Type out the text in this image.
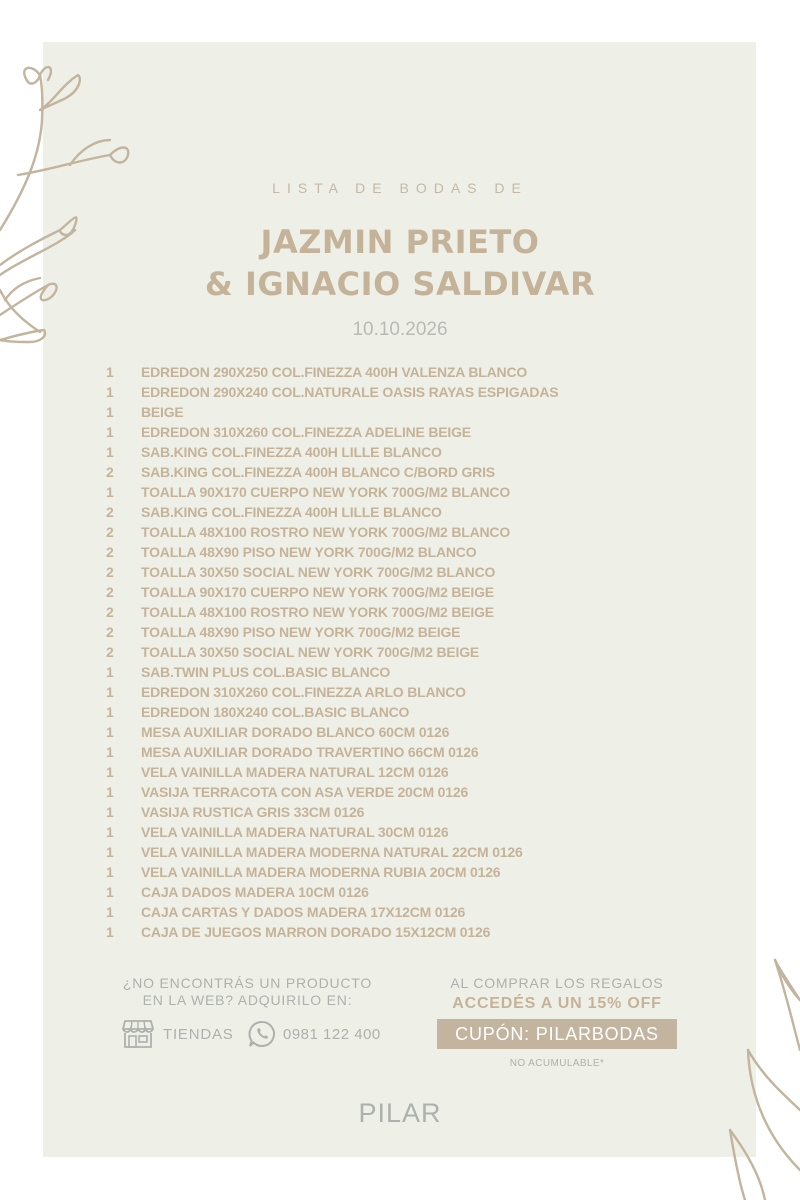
LISTA DE BODAS DE
JAZMIN PRIETO
& IGNACIO SALDIVAR
10.10.2026
1 EDREDON 290X250 COL.FINEZZA 400H VALENZA BLANCO
1 EDREDON 290X240 COL.NATURALE OASIS RAYAS ESPIGADAS
1 BEIGE
1 EDREDON 310X260 COL.FINEZZA ADELINE BEIGE
1 SAB.KING COL.FINEZZA 400H LILLE BLANCO
2 SAB.KING COL.FINEZZA 400H BLANCO C/BORD GRIS
1 TOALLA 90X170 CUERPO NEW YORK 700G/M2 BLANCO
2 SAB.KING COL.FINEZZA 400H LILLE BLANCO
2 TOALLA 48X100 ROSTRO NEW YORK 700G/M2 BLANCO
2 TOALLA 48X90 PISO NEW YORK 700G/M2 BLANCO
2 TOALLA 30X50 SOCIAL NEW YORK 700G/M2 BLANCO
2 TOALLA 90X170 CUERPO NEW YORK 700G/M2 BEIGE
2 TOALLA 48X100 ROSTRO NEW YORK 700G/M2 BEIGE
2 TOALLA 48X90 PISO NEW YORK 700G/M2 BEIGE
2 TOALLA 30X50 SOCIAL NEW YORK 700G/M2 BEIGE
1 SAB.TWIN PLUS COL.BASIC BLANCO
1 EDREDON 310X260 COL.FINEZZA ARLO BLANCO
1 EDREDON 180X240 COL.BASIC BLANCO
1 MESA AUXILIAR DORADO BLANCO 60CM 0126
1 MESA AUXILIAR DORADO TRAVERTINO 66CM 0126
1 VELA VAINILLA MADERA NATURAL 12CM 0126
1 VASIJA TERRACOTA CON ASA VERDE 20CM 0126
1 VASIJA RUSTICA GRIS 33CM 0126
1 VELA VAINILLA MADERA NATURAL 30CM 0126
1 VELA VAINILLA MADERA MODERNA NATURAL 22CM 0126
1 VELA VAINILLA MADERA MODERNA RUBIA 20CM 0126
1 CAJA DADOS MADERA 10CM 0126
1 CAJA CARTAS Y DADOS MADERA 17X12CM 0126
1 CAJA DE JUEGOS MARRON DORADO 15X12CM 0126
¿NO ENCONTRÁS UN PRODUCTO
EN LA WEB? ADQUIRILO EN:
TIENDAS	0981 122 400
AL COMPRAR LOS REGALOS
ACCEDÉS A UN 15% OFF
CUPÓN: PILARBODAS
NO ACUMULABLE*
PILAR
